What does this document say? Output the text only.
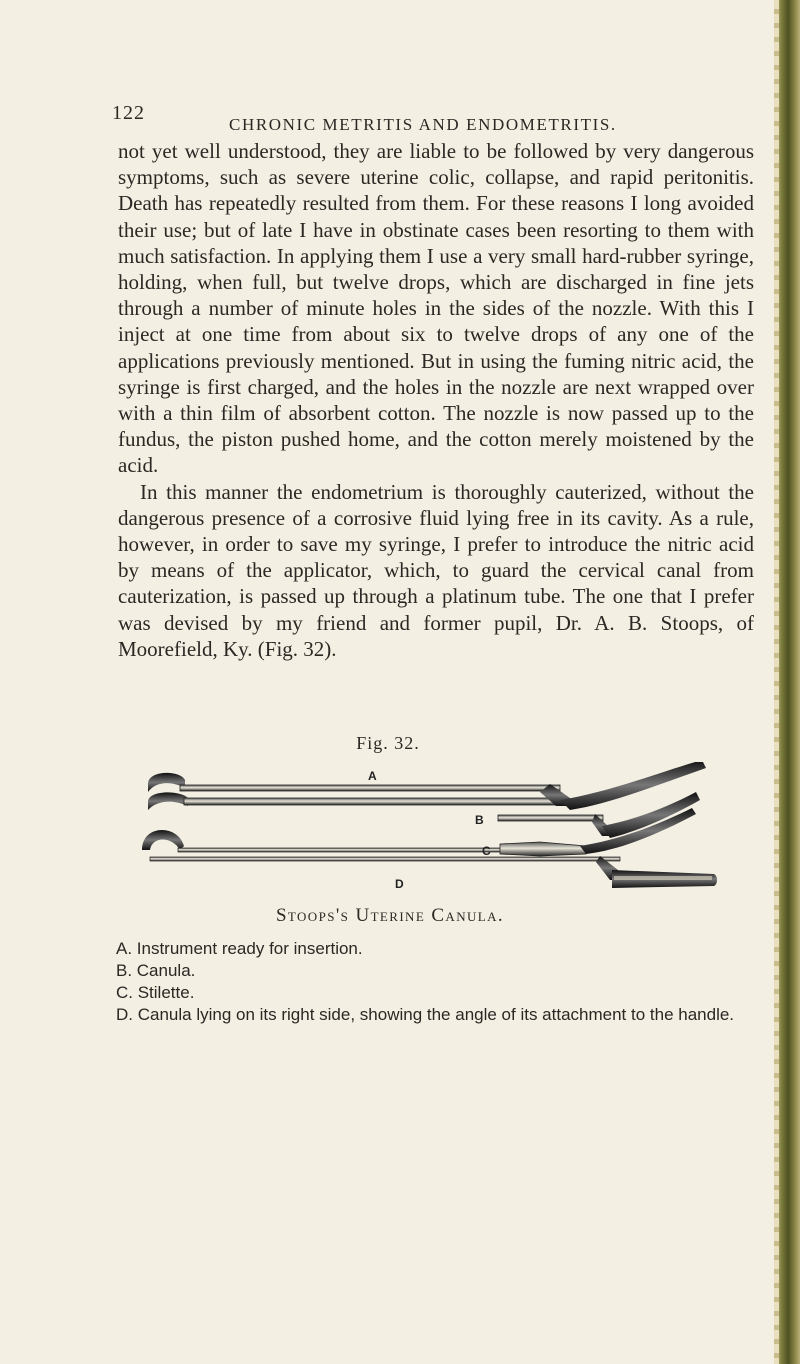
122
CHRONIC METRITIS AND ENDOMETRITIS.

not yet well understood, they are liable to be followed by very dangerous symptoms, such as severe uterine colic, collapse, and rapid peritonitis. Death has repeatedly resulted from them. For these reasons I long avoided their use; but of late I have in obstinate cases been resorting to them with much satisfaction. In applying them I use a very small hard-rubber syringe, holding, when full, but twelve drops, which are discharged in fine jets through a number of minute holes in the sides of the nozzle. With this I inject at one time from about six to twelve drops of any one of the applications previously mentioned. But in using the fuming nitric acid, the syringe is first charged, and the holes in the nozzle are next wrapped over with a thin film of absorbent cotton. The nozzle is now passed up to the fundus, the piston pushed home, and the cotton merely moistened by the acid.

In this manner the endometrium is thoroughly cauterized, without the dangerous presence of a corrosive fluid lying free in its cavity. As a rule, however, in order to save my syringe, I prefer to introduce the nitric acid by means of the applicator, which, to guard the cervical canal from cauterization, is passed up through a platinum tube. The one that I prefer was devised by my friend and former pupil, Dr. A. B. Stoops, of Moorefield, Ky. (Fig. 32).

Fig. 32.
A
B
C
D
Stoops's Uterine Canula.
A. Instrument ready for insertion.
B. Canula.
C. Stilette.
D. Canula lying on its right side, showing the angle of its attachment to the handle.
